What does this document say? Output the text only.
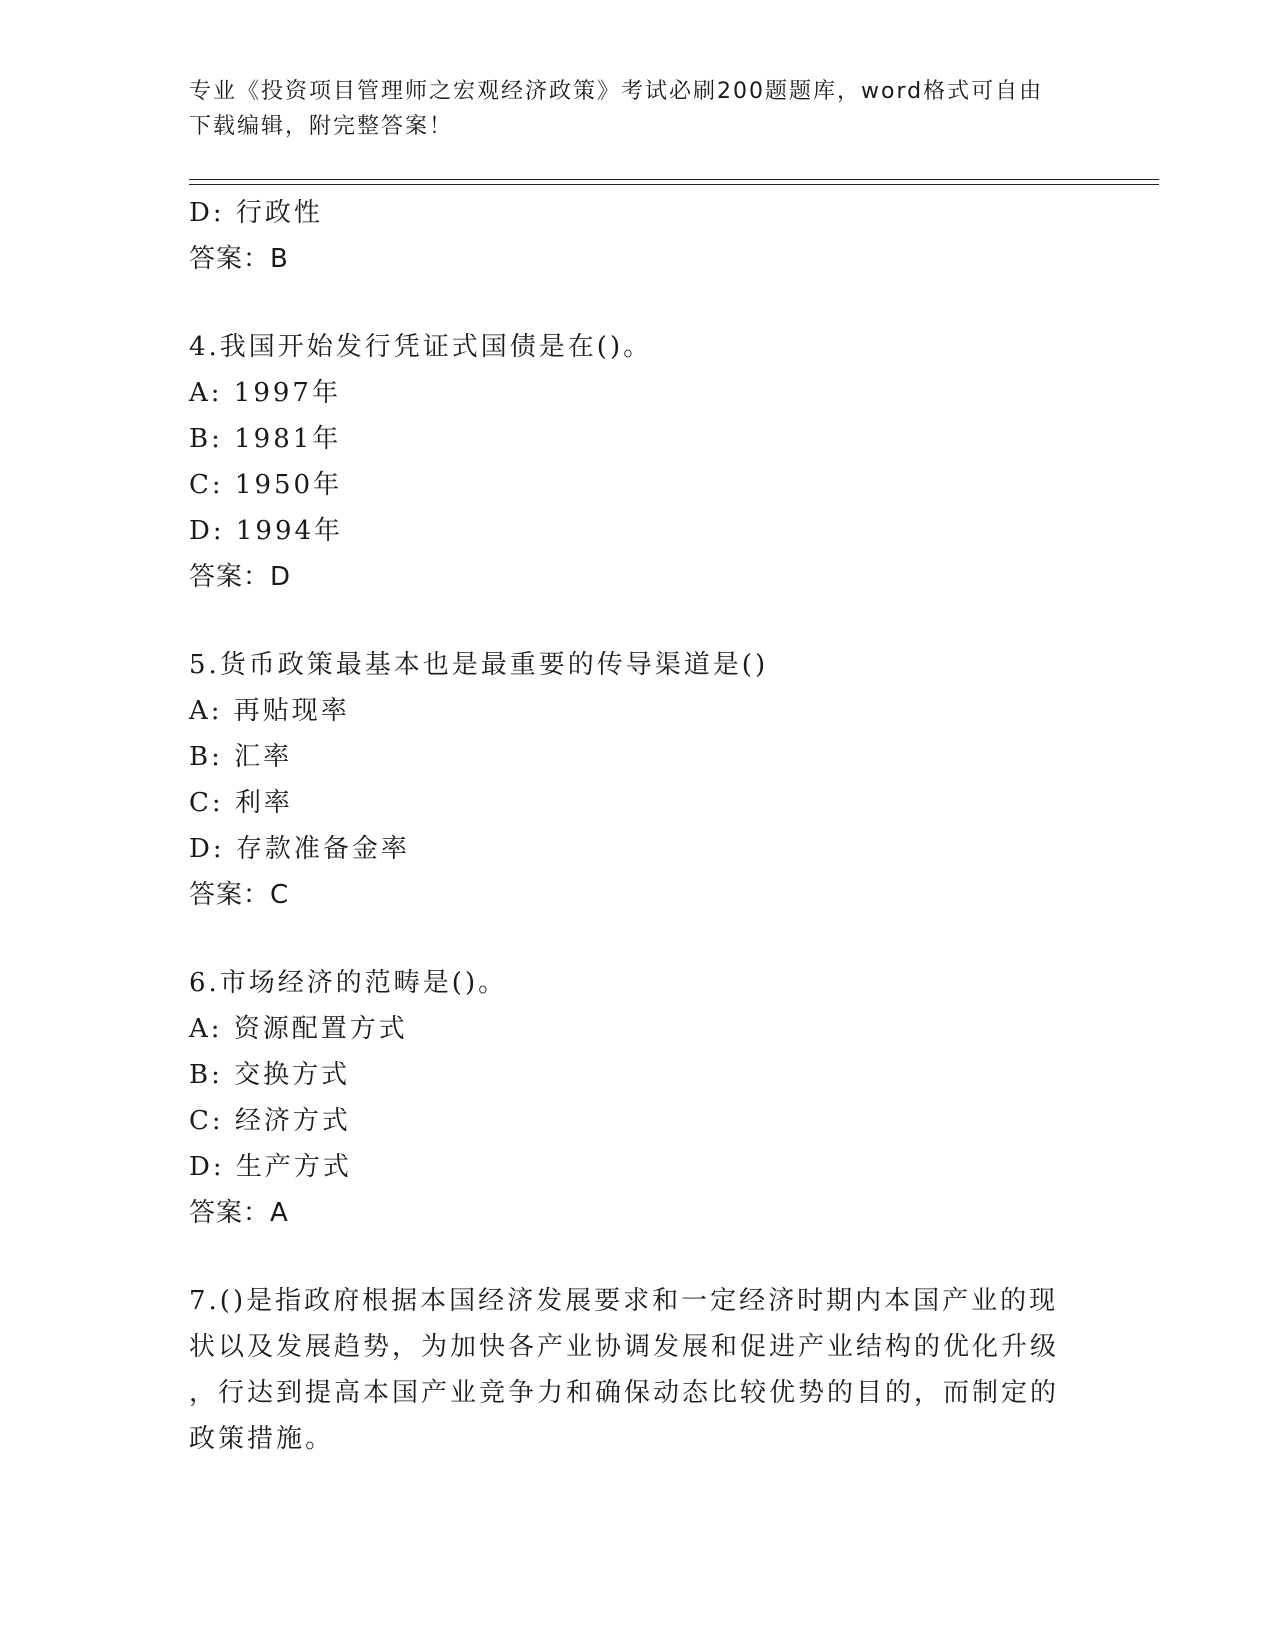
专业《投资项目管理师之宏观经济政策》考试必刷200题题库，word格式可自由
下载编辑，附完整答案！
D: 行政性
答案：B
4.我国开始发行凭证式国债是在()。
A: 1997年
B: 1981年
C: 1950年
D: 1994年
答案：D
5.货币政策最基本也是最重要的传导渠道是()
A: 再贴现率
B: 汇率
C: 利率
D: 存款准备金率
答案：C
6.市场经济的范畴是()。
A: 资源配置方式
B: 交换方式
C: 经济方式
D: 生产方式
答案：A
7.()是指政府根据本国经济发展要求和一定经济时期内本国产业的现
状以及发展趋势，为加快各产业协调发展和促进产业结构的优化升级
，行达到提高本国产业竞争力和确保动态比较优势的目的，而制定的
政策措施。
